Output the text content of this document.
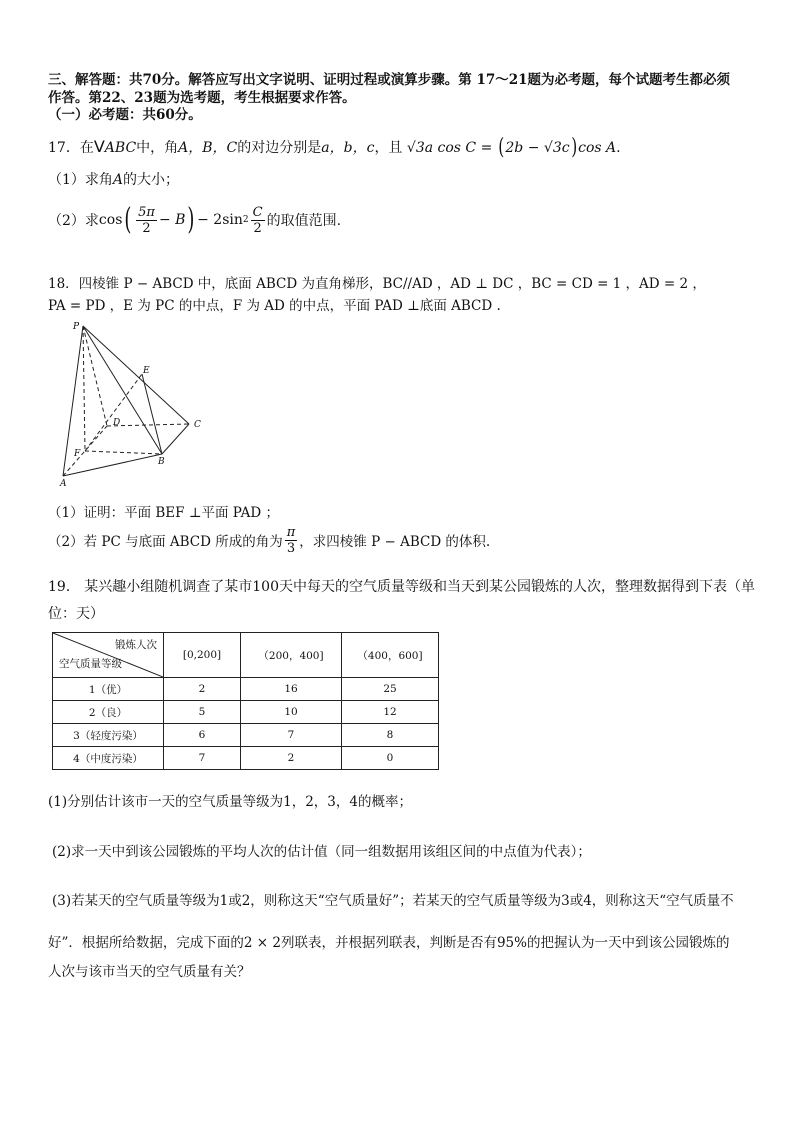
三、解答题：共70分。解答应写出文字说明、证明过程或演算步骤。第 17～21题为必考题，每个试题考生都必须
作答。第22、23题为选考题，考生根据要求作答。
（一）必考题：共60分。
17．在VABC中，角A，B，C的对边分别是a，b，c，且 √3a cos C = (2b − √3c)cos A.
（1）求角A的大小；
（2）求 cos ( $\frac{5\pi}{2} - B$ ) − 2sin $2 \frac{C}{2}$ 的取值范围.
18．四棱锥 P − ABCD 中，底面 ABCD 为直角梯形，BC//AD ，AD ⊥ DC ，BC = CD = 1 ，AD = 2 ，
PA = PD ，E 为 PC 的中点，F 为 AD 的中点，平面 PAD ⊥底面 ABCD .
P
E
D	C
F
B
A
（1）证明：平面 BEF ⊥平面 PAD ；
（2）若 PC 与底面 ABCD 所成的角为 $\frac{\pi}{3}$ ，求四棱锥 P − ABCD 的体积.
19． 某兴趣小组随机调查了某市100天中每天的空气质量等级和当天到某公园锻炼的人次，整理数据得到下表（单
位：天）
锻炼人次
空气质量等级	[0,200]	（200，400]	（400，600]
1（优）	2	16	25
2（良）	5	10	12
3（轻度污染）	6	7	8
4（中度污染）	7	2	0
(1)分别估计该市一天的空气质量等级为1，2，3，4的概率；
(2)求一天中到该公园锻炼的平均人次的估计值（同一组数据用该组区间的中点值为代表）；
(3)若某天的空气质量等级为1或2，则称这天“空气质量好”；若某天的空气质量等级为3或4，则称这天“空气质量不
好”．根据所给数据，完成下面的2 × 2列联表，并根据列联表，判断是否有95%的把握认为一天中到该公园锻炼的
人次与该市当天的空气质量有关？
